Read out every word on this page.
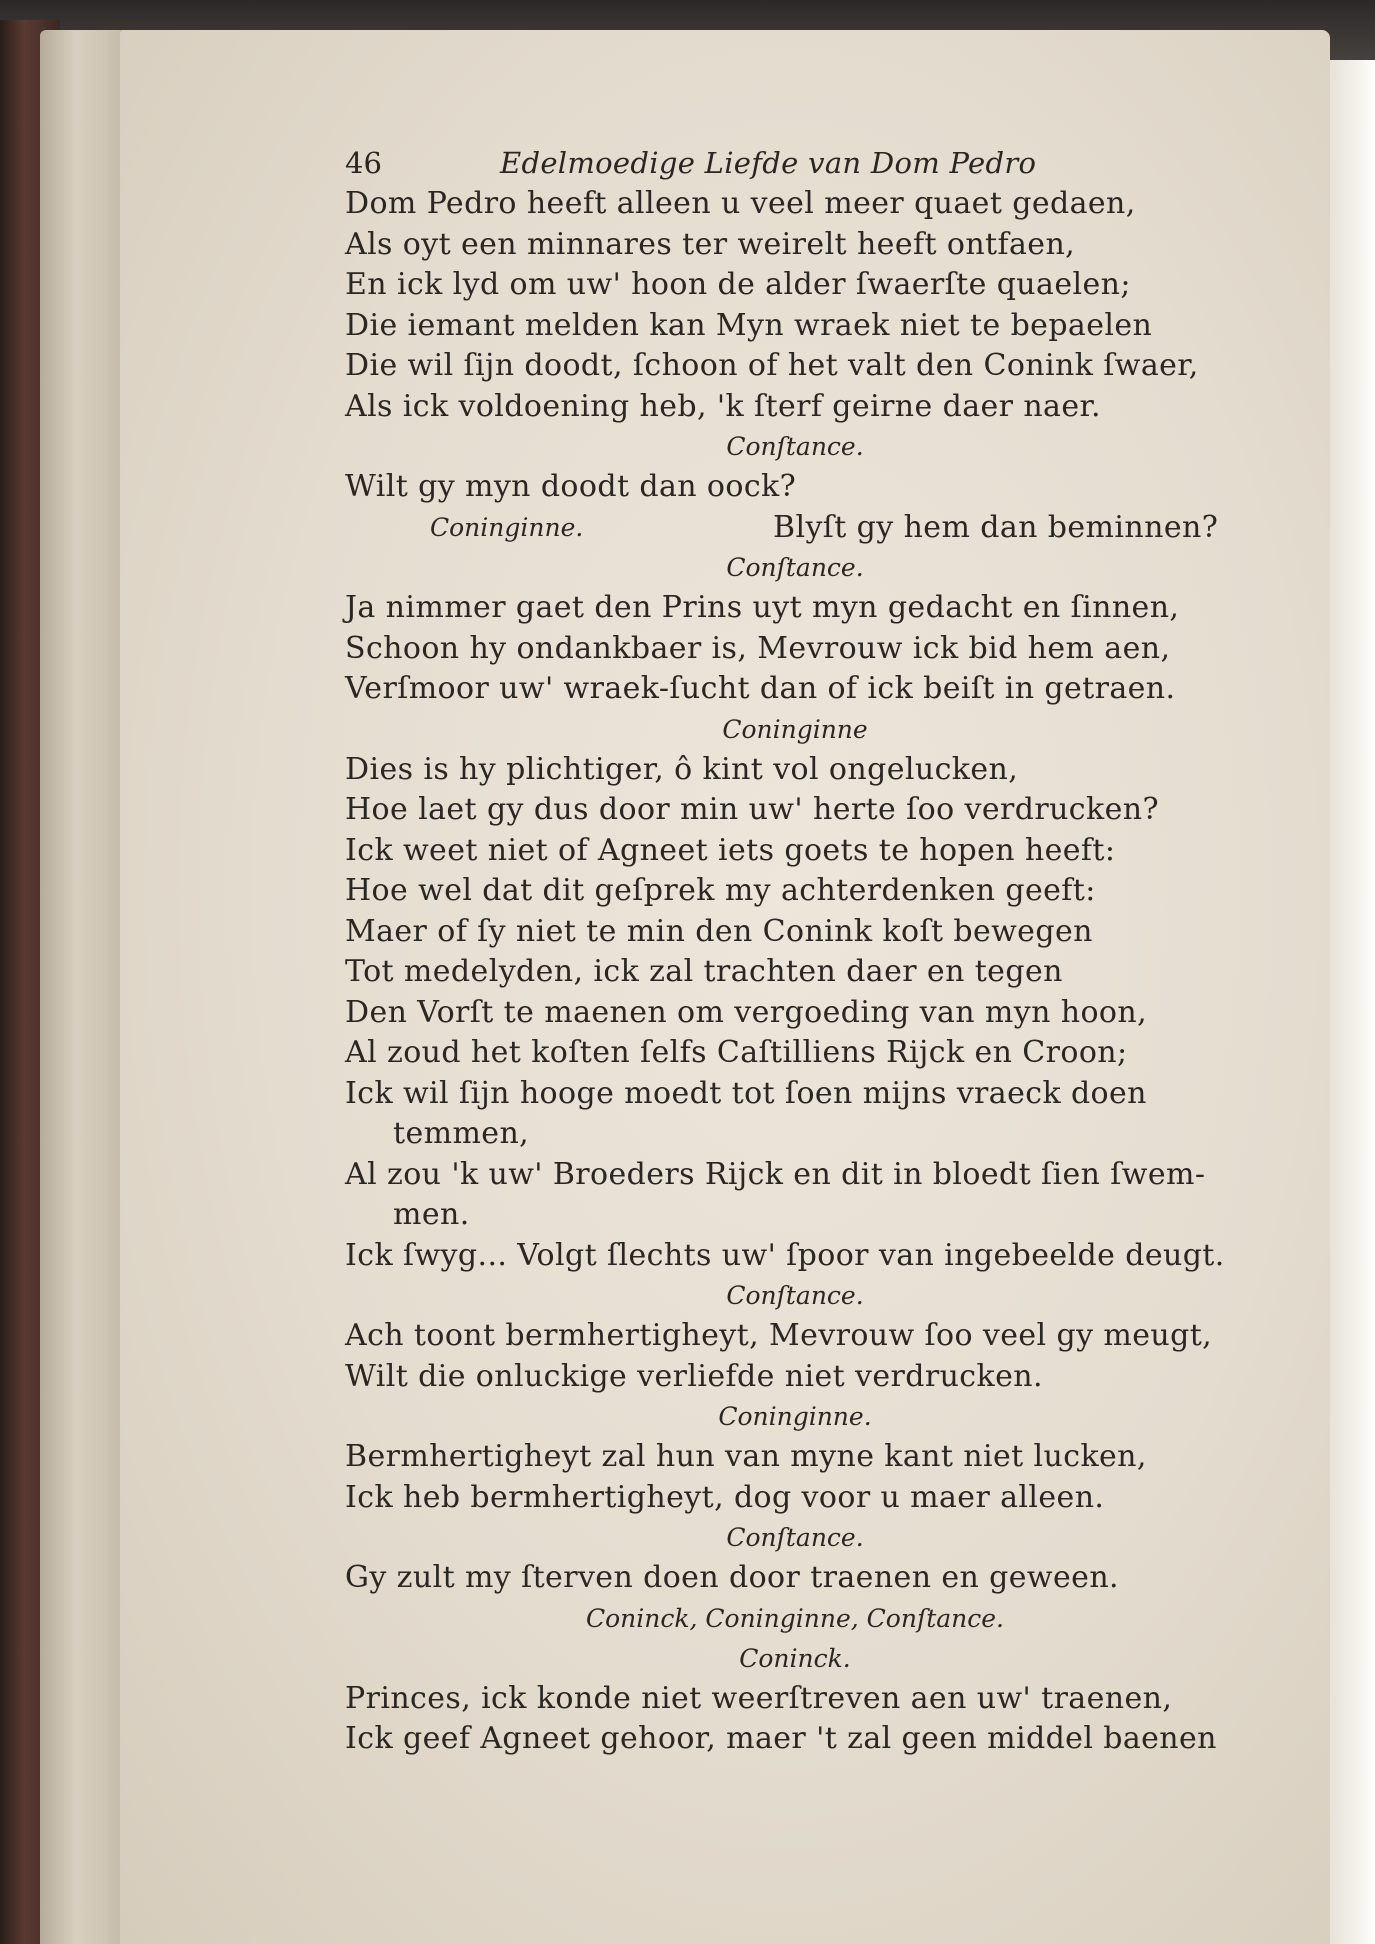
46	Edelmoedige Liefde van Dom Pedro
Dom Pedro heeft alleen u veel meer quaet gedaen,
Als oyt een minnares ter weirelt heeft ontfaen,
En ick lyd om uw' hoon de alder ſwaerſte quaelen;
Die iemant melden kan Myn wraek niet te bepaelen
Die wil ſijn doodt, ſchoon of het valt den Conink ſwaer,
Als ick voldoening heb, 'k ſterf geirne daer naer.
Conſtance.
Wilt gy myn doodt dan oock?
Coninginne.	Blyſt gy hem dan beminnen?
Conſtance.
Ja nimmer gaet den Prins uyt myn gedacht en ſinnen,
Schoon hy ondankbaer is, Mevrouw ick bid hem aen,
Verſmoor uw' wraek-ſucht dan of ick beiſt in getraen.
Coninginne
Dies is hy plichtiger, ô kint vol ongelucken,
Hoe laet gy dus door min uw' herte ſoo verdrucken?
Ick weet niet of Agneet iets goets te hopen heeft:
Hoe wel dat dit geſprek my achterdenken geeft:
Maer of ſy niet te min den Conink koſt bewegen
Tot medelyden, ick zal trachten daer en tegen
Den Vorſt te maenen om vergoeding van myn hoon,
Al zoud het koſten ſelfs Caſtilliens Rijck en Croon;
Ick wil ſijn hooge moedt tot ſoen mijns vraeck doen
temmen,
Al zou 'k uw' Broeders Rijck en dit in bloedt ſien ſwem-
men.
Ick ſwyg... Volgt ſlechts uw' ſpoor van ingebeelde deugt.
Conſtance.
Ach toont bermhertigheyt, Mevrouw ſoo veel gy meugt,
Wilt die onluckige verliefde niet verdrucken.
Coninginne.
Bermhertigheyt zal hun van myne kant niet lucken,
Ick heb bermhertigheyt, dog voor u maer alleen.
Conſtance.
Gy zult my ſterven doen door traenen en geween.
Coninck, Coninginne, Conſtance.
Coninck.
Princes, ick konde niet weerſtreven aen uw' traenen,
Ick geef Agneet gehoor, maer 't zal geen middel baenen
